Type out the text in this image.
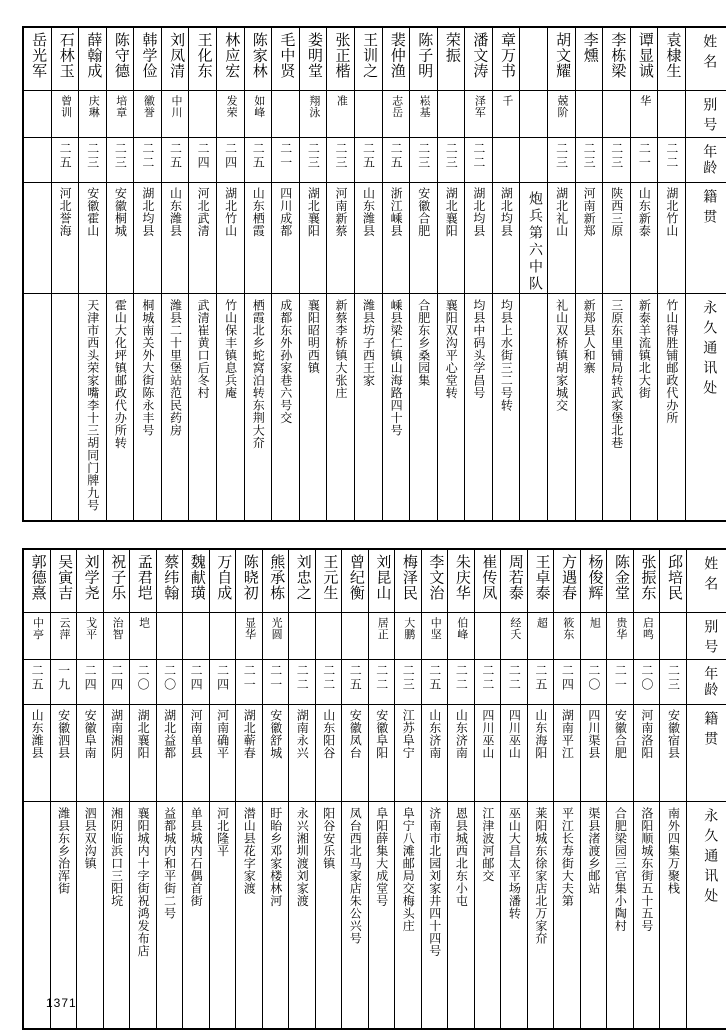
姓名	袁棣生	谭显诚	李栋梁	李燻	胡文耀		章万书	潘文涛	荣振	陈子明	裴仲渔	王训之	张正楷	娄明堂	毛中贤	陈家林	林应宏	王化东	刘凤清	韩学俭	陈守德	薛翰成	石林玉	岳光军

别号		华			兢阶		千	泽军		崧基	志岳		准	翔泳		如峰	发荣		中川	徽誉	培章	庆琳	曾训	

年龄	二二	二一	二三	二三	二三			二二	二三	二三	二五	二五	二三	二三	二一	二五	二四	二四	二五	二二	二三	二三	二五	

籍贯	湖北竹山	山东新泰	陕西三原	河南新郑	湖北礼山	炮兵第六中队	湖北均县	湖北均县	湖北襄阳	安徽合肥	浙江嵊县	山东潍县	河南新蔡	湖北襄阳	四川成都	山东栖霞	湖北竹山	河北武清	山东潍县	湖北均县	安徽桐城	安徽霍山	河北誉海	

永久通讯处	竹山得胜铺邮政代办所	新泰羊流镇北大街	三原东里铺局转武家堡北巷	新郑县人和寨	礼山双桥镇胡家城交		均县上水街三二号转	均县中码头学昌号	襄阳双沟平心堂转	合肥东乡桑园集	嵊县梁仁镇山海路四十号	潍县坊子西王家	新蔡李桥镇大张庄	襄阳昭明西镇	成都东外孙家巷六号交	栖霞北乡蛇窝泊转东荆大夼	竹山保丰镇息兵庵	武清崔黄口后冬村	潍县二十里堡站范民药房	桐城南关外大街陈永丰号	霍山大化坪镇邮政代办所转	天津市西头荣家嘴李十三胡同门牌九号		

姓名	邱培民	张振东	陈金堂	杨俊辉	方遇春	王卓泰	周若泰	崔传凤	朱庆华	李文治	梅泽民	刘昆山	曾纪衡	王元生	刘忠之	熊承栋	陈晓初	万自成	魏献璜	蔡纬翰	孟君垲	祝子乐	刘学尧	吴寅吉	郭德熹

别号		启鸣	贵华	旭	筱东	超	经夭		伯峰	中坚	大鹏	居正				光圆	显华				垲	治智	戈平	云萍	中亭

年龄	二三	二〇	二一	二〇	二四	二五	二二	二二	二二	二五	二三	二二	二五	二二	二二	二一	二一	二四	二四	二〇	二〇	二四	二四	一九	二五

籍贯	安徽宿县	河南洛阳	安徽合肥	四川渠县	湖南平江	山东海阳	四川巫山	四川巫山	山东济南	山东济南	江苏阜宁	安徽阜阳	安徽凤台	山东阳谷	湖南永兴	安徽舒城	湖北蕲春	河南确平	河南单县	湖北益都	湖北襄阳	湖南湘阴	安徽阜南	安徽泗县	山东潍县

永久通讯处	南外四集万聚栈	洛阳顺城东街五十五号	合肥梁园三官集小陶村	渠县渚渡乡邮站	平江长寿街大夫第	莱阳城东徐家店北万家夼	巫山大昌太平场潘转	江津波河邮交	恩县城西北东小屯	济南市北园刘家井四十四号	阜宁八滩邮局交梅头庄	阜阳薛集大成堂号	凤台西北马家店朱公兴号	阳谷安乐镇	永兴湘圳渡刘家渡	盱眙乡邓家楼林河	潜山县花字家渡	河北隆平	单县城内石偶首街	益都城内和平街二号	襄阳城内十字街祝鸿发布店	湘阴临浜口三阳垸	泗县双沟镇	潍县东乡治浑街	

1371
